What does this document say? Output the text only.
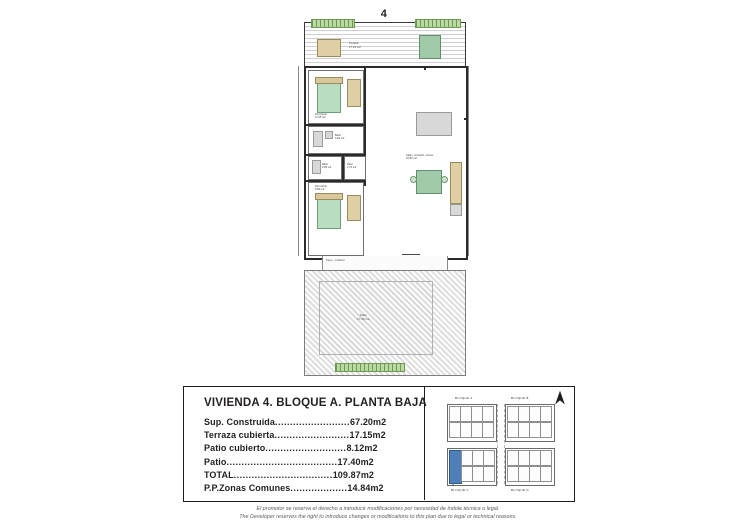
4
Terraza
17.15 m2
Dormitorio
11.05 m2
Baño
4.60 m2
Baño
3.85 m2
Paso
1.72 m2
Dormitorio
9.83 m2
Salón, comedor, cocina
22.90 m2
Paso - cubierto
Patio
17.40 m2
VIVIENDA 4. BLOQUE A. PLANTA BAJA
Sup. Construida ......................... 67.20m2
Terraza cubierta ......................... 17.15m2
Patio cubierto ........................... 8.12m2
Patio ..................................... 17.40m2
TOTAL ................................. 109.87m2
P.P.Zonas Comunes ................... 14.84m2
BLOQUE A	BLOQUE B
BLOQUE C	BLOQUE D
4
El promotor se reserva el derecho a introducir modificaciones por necesidad de índole técnica o legal.
The Developer reserves the right to introduce changes or modifications to this plan due to legal or technical reasons.
